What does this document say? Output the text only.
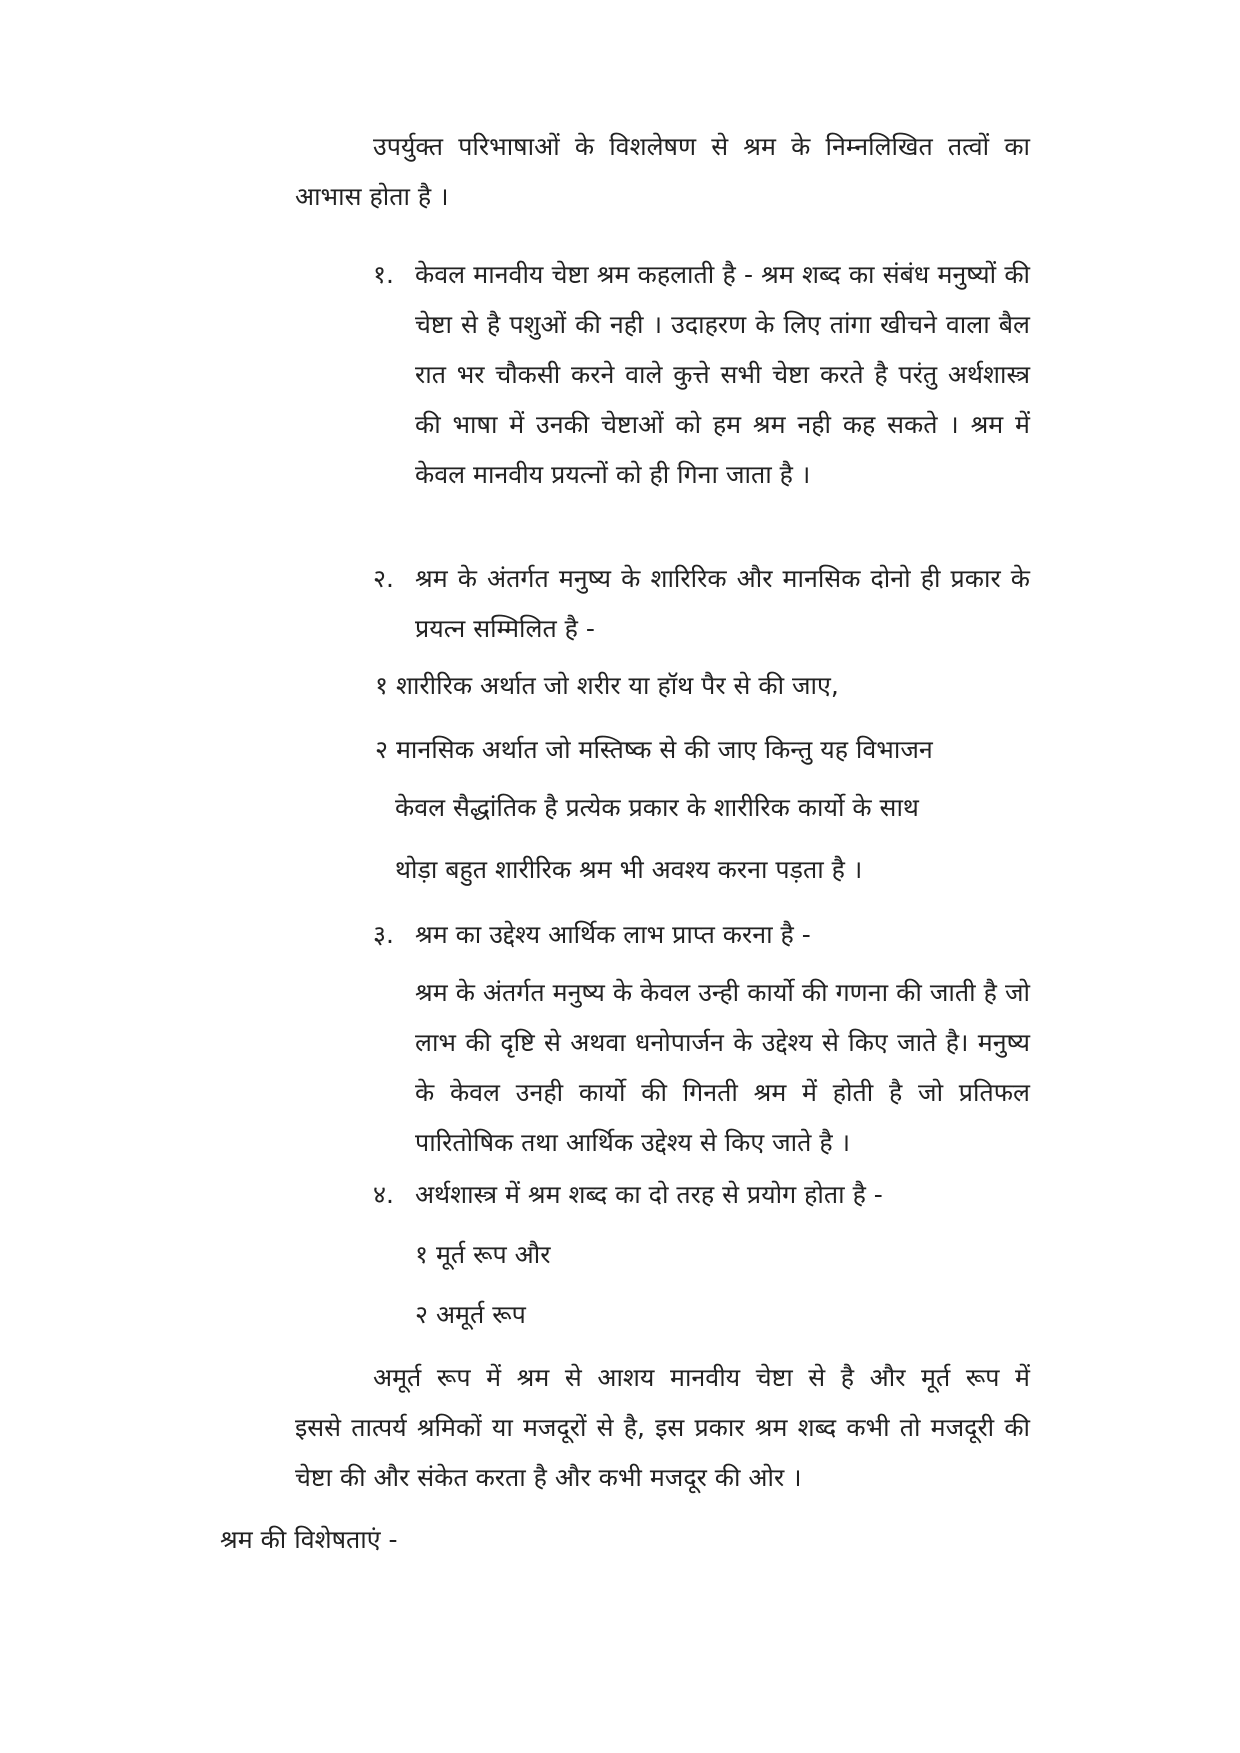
उपर्युक्त परिभाषाओं के विशलेषण से श्रम के निम्नलिखित तत्वों का

आभास होता है ।

१. केवल मानवीय चेष्टा श्रम कहलाती है - श्रम शब्द का संबंध मनुष्यों की चेष्टा से है पशुओं की नही । उदाहरण के लिए तांगा खीचने वाला बैल रात भर चौकसी करने वाले कुत्ते सभी चेष्टा करते है परंतु अर्थशास्त्र की भाषा में उनकी चेष्टाओं को हम श्रम नही कह सकते । श्रम में केवल मानवीय प्रयत्नों को ही गिना जाता है ।

२. श्रम के अंतर्गत मनुष्य के शारिरिक और मानसिक दोनो ही प्रकार के प्रयत्न सम्मिलित है -

१ शारीरिक अर्थात जो शरीर या हॉथ पैर से की जाए,

२ मानसिक अर्थात जो मस्तिष्क से की जाए किन्तु यह विभाजन

केवल सैद्धांतिक है प्रत्येक प्रकार के शारीरिक कार्यो के साथ

थोड़ा बहुत शारीरिक श्रम भी अवश्य करना पड़ता है ।

३. श्रम का उद्देश्य आर्थिक लाभ प्राप्त करना है -

श्रम के अंतर्गत मनुष्य के केवल उन्ही कार्यो की गणना की जाती है जो लाभ की दृष्टि से अथवा धनोपार्जन के उद्देश्य से किए जाते है। मनुष्य के केवल उनही कार्यो की गिनती श्रम में होती है जो प्रतिफल पारितोषिक तथा आर्थिक उद्देश्य से किए जाते है ।

४. अर्थशास्त्र में श्रम शब्द का दो तरह से प्रयोग होता है -

१ मूर्त रूप और

२ अमूर्त रूप

अमूर्त रूप में श्रम से आशय मानवीय चेष्टा से है और मूर्त रूप में

इससे तात्पर्य श्रमिकों या मजदूरों से है, इस प्रकार श्रम शब्द कभी तो मजदूरी की चेष्टा की और संकेत करता है और कभी मजदूर की ओर ।

श्रम की विशेषताएं -
